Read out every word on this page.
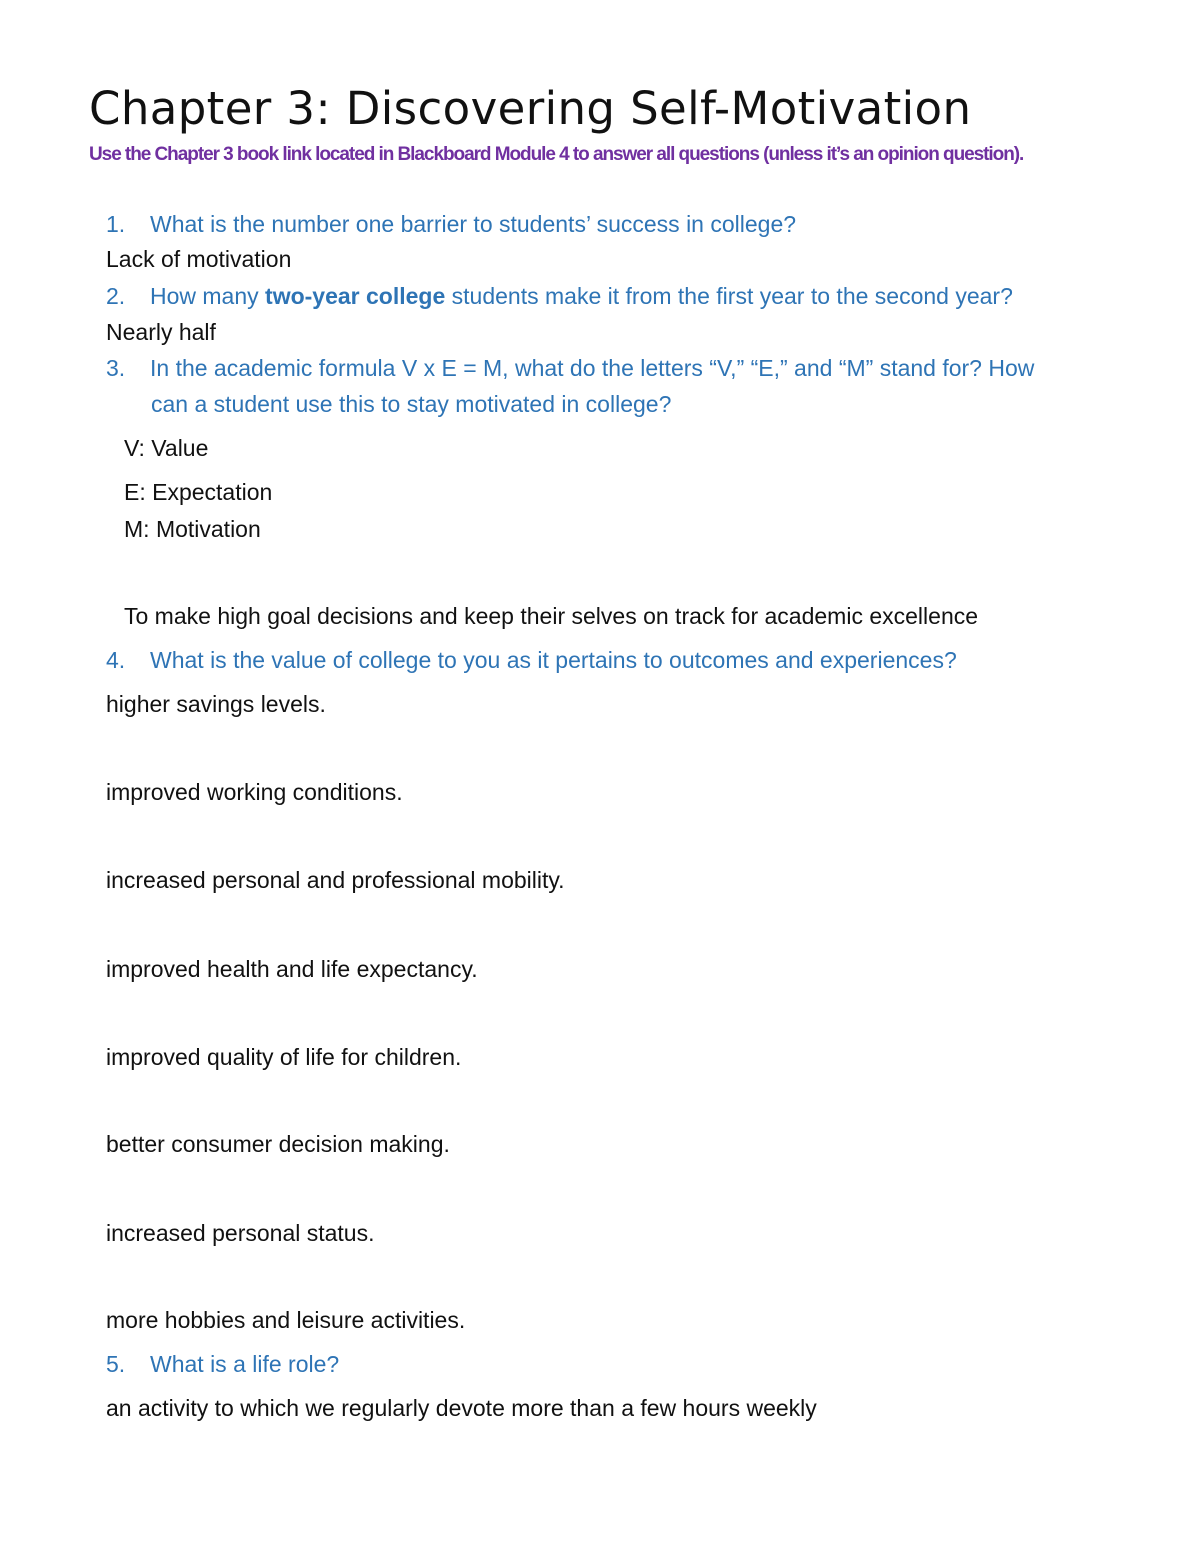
Chapter 3: Discovering Self-Motivation
Use the Chapter 3 book link located in Blackboard Module 4 to answer all questions (unless it’s an opinion question).
1. What is the number one barrier to students’ success in college?
Lack of motivation
2. How many two-year college students make it from the first year to the second year?
Nearly half
3. In the academic formula V x E = M, what do the letters “V,” “E,” and “M” stand for? How
can a student use this to stay motivated in college?
V: Value
E: Expectation
M: Motivation
To make high goal decisions and keep their selves on track for academic excellence
4. What is the value of college to you as it pertains to outcomes and experiences?
higher savings levels.
improved working conditions.
increased personal and professional mobility.
improved health and life expectancy.
improved quality of life for children.
better consumer decision making.
increased personal status.
more hobbies and leisure activities.
5. What is a life role?
an activity to which we regularly devote more than a few hours weekly
